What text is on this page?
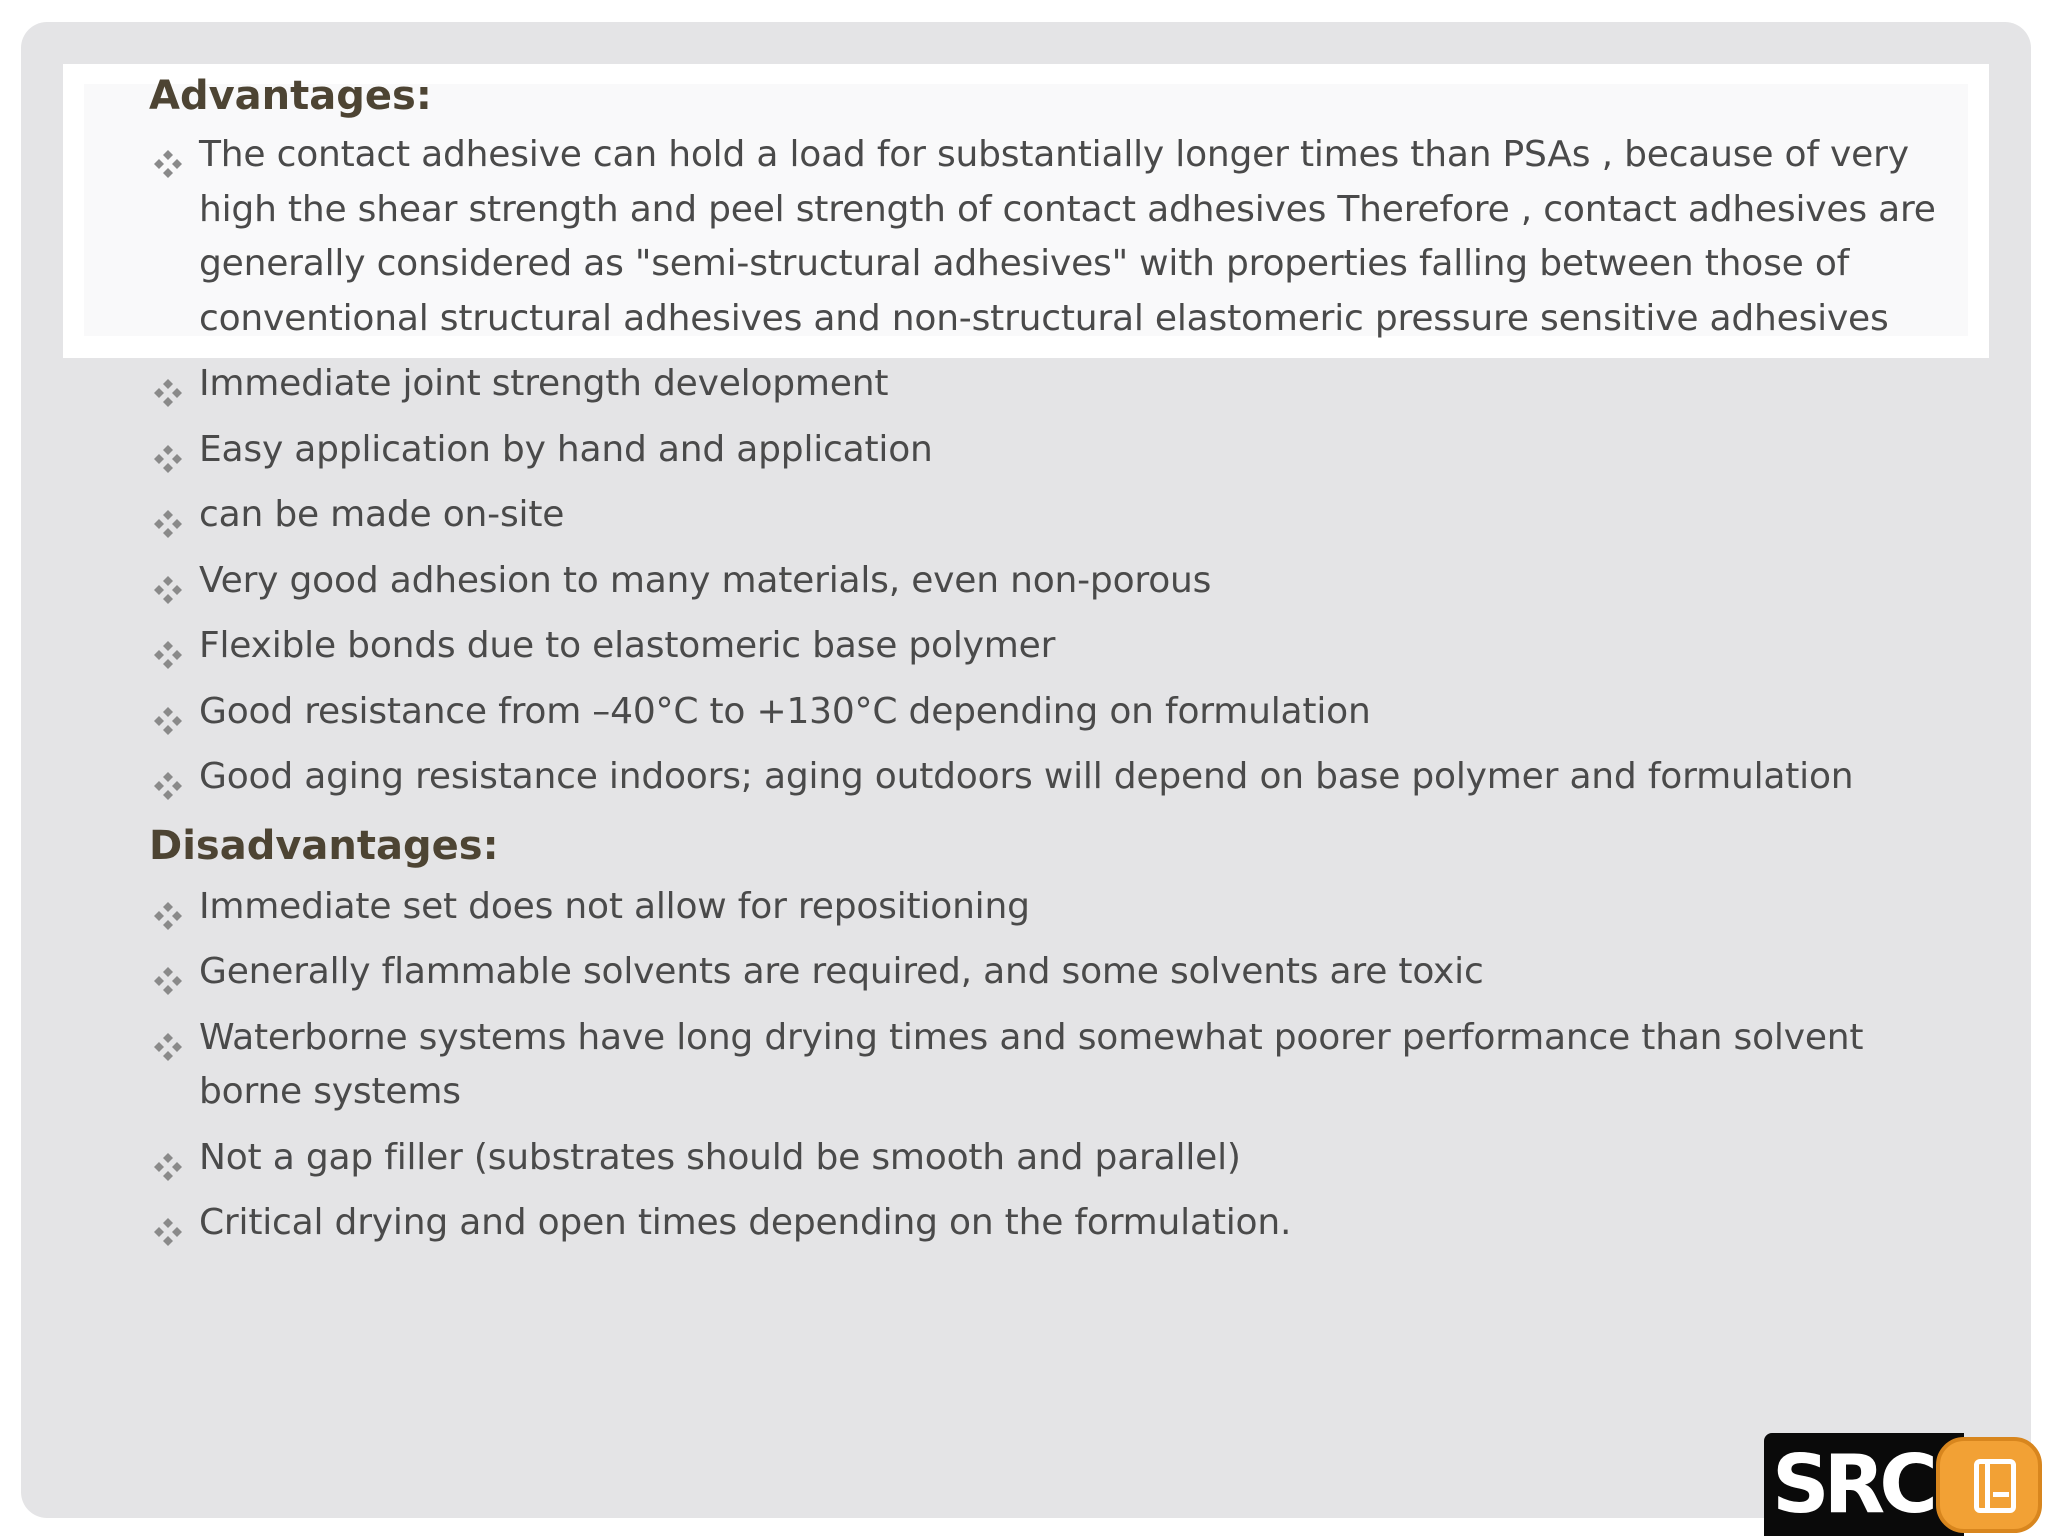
Advantages:
The contact adhesive can hold a load for substantially longer times than PSAs , because of very high the shear strength and peel strength of contact adhesives Therefore , contact adhesives are generally considered as "semi-structural adhesives" with properties falling between those of conventional structural adhesives and non-structural elastomeric pressure sensitive adhesives
Immediate joint strength development
Easy application by hand and application
can be made on-site
Very good adhesion to many materials, even non-porous
Flexible bonds due to elastomeric base polymer
Good resistance from –40°C to +130°C depending on formulation
Good aging resistance indoors; aging outdoors will depend on base polymer and formulation
Disadvantages:
Immediate set does not allow for repositioning
Generally flammable solvents are required, and some solvents are toxic
Waterborne systems have long drying times and somewhat poorer performance than solvent borne systems
Not a gap filler (substrates should be smooth and parallel)
Critical drying and open times depending on the formulation.
SRC
